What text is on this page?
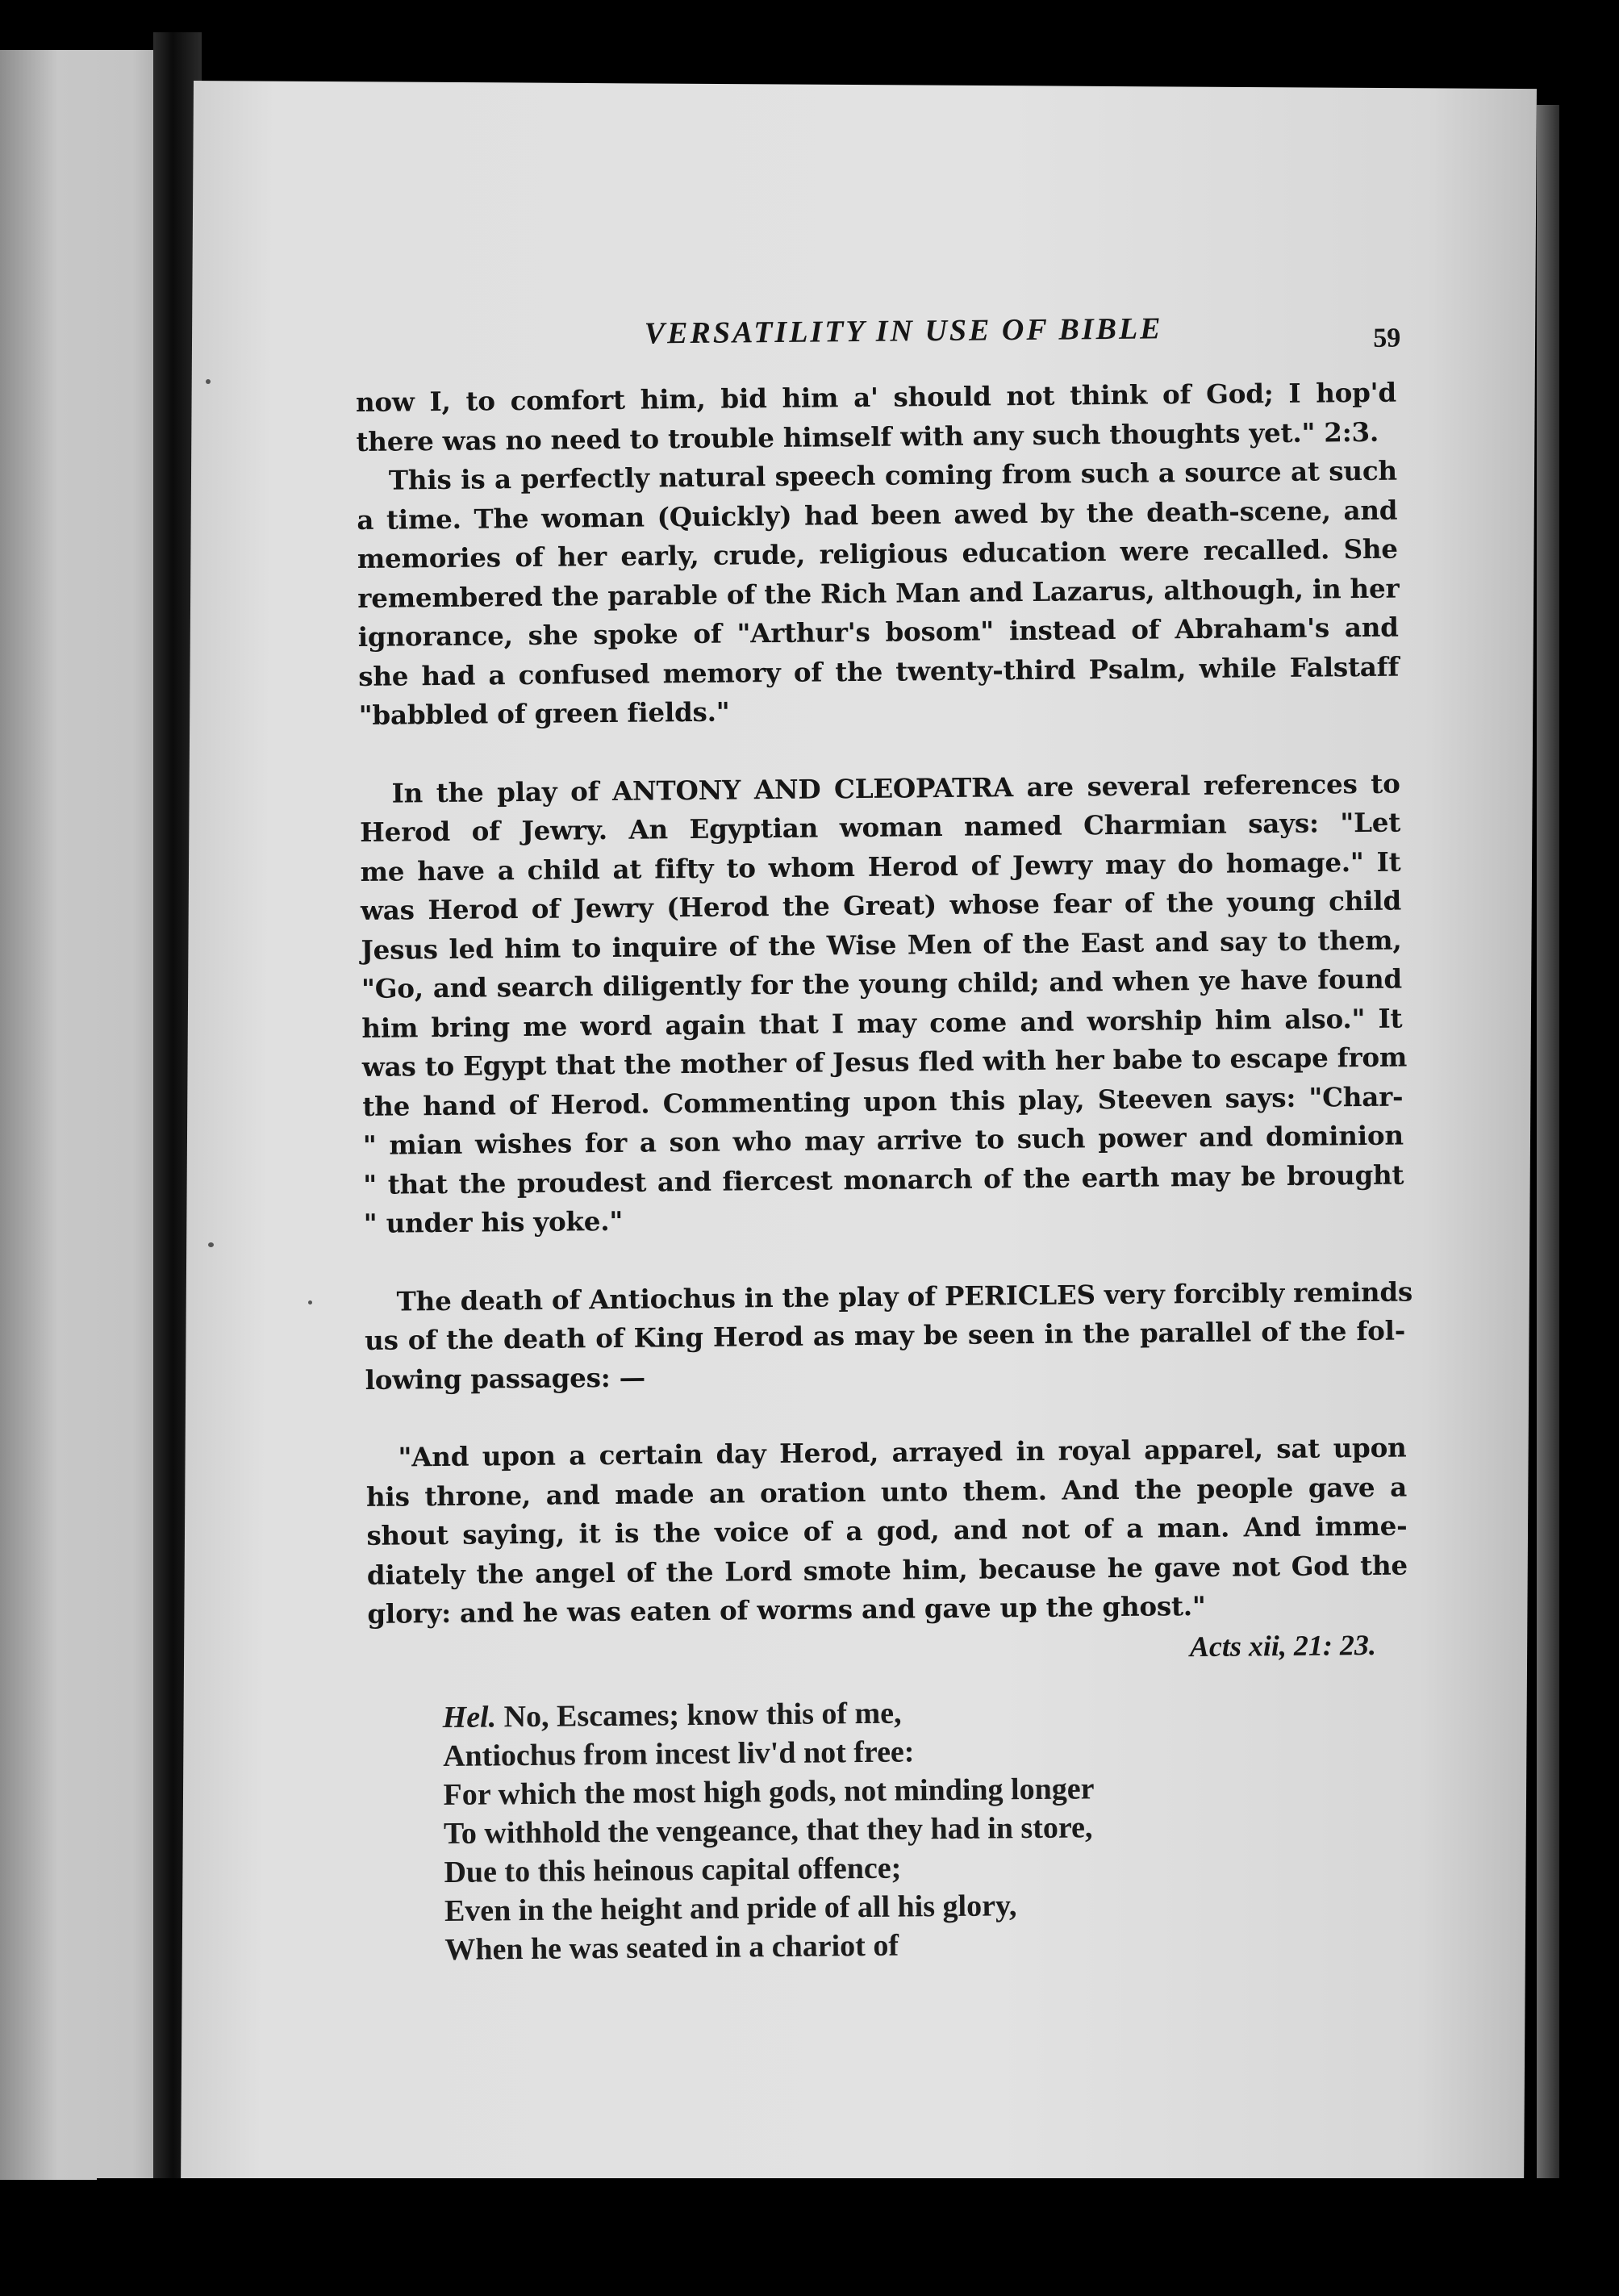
VERSATILITY IN USE OF BIBLE	59
now I, to comfort him, bid him a' should not think of God; I hop'd
there was no need to trouble himself with any such thoughts yet." 2:3.
This is a perfectly natural speech coming from such a source at such
a time. The woman (Quickly) had been awed by the death-scene, and
memories of her early, crude, religious education were recalled. She
remembered the parable of the Rich Man and Lazarus, although, in her
ignorance, she spoke of "Arthur's bosom" instead of Abraham's and
she had a confused memory of the twenty-third Psalm, while Falstaff
"babbled of green fields."
In the play of ANTONY AND CLEOPATRA are several references to
Herod of Jewry. An Egyptian woman named Charmian says: "Let
me have a child at fifty to whom Herod of Jewry may do homage." It
was Herod of Jewry (Herod the Great) whose fear of the young child
Jesus led him to inquire of the Wise Men of the East and say to them,
"Go, and search diligently for the young child; and when ye have found
him bring me word again that I may come and worship him also." It
was to Egypt that the mother of Jesus fled with her babe to escape from
the hand of Herod. Commenting upon this play, Steeven says: "Char-
" mian wishes for a son who may arrive to such power and dominion
" that the proudest and fiercest monarch of the earth may be brought
" under his yoke."
The death of Antiochus in the play of PERICLES very forcibly reminds
us of the death of King Herod as may be seen in the parallel of the fol-
lowing passages: —
"And upon a certain day Herod, arrayed in royal apparel, sat upon
his throne, and made an oration unto them. And the people gave a
shout saying, it is the voice of a god, and not of a man. And imme-
diately the angel of the Lord smote him, because he gave not God the
glory: and he was eaten of worms and gave up the ghost."
Acts xii, 21: 23.
Hel. No, Escames; know this of me,
Antiochus from incest liv'd not free:
For which the most high gods, not minding longer
To withhold the vengeance, that they had in store,
Due to this heinous capital offence;
Even in the height and pride of all his glory,
When he was seated in a chariot of
